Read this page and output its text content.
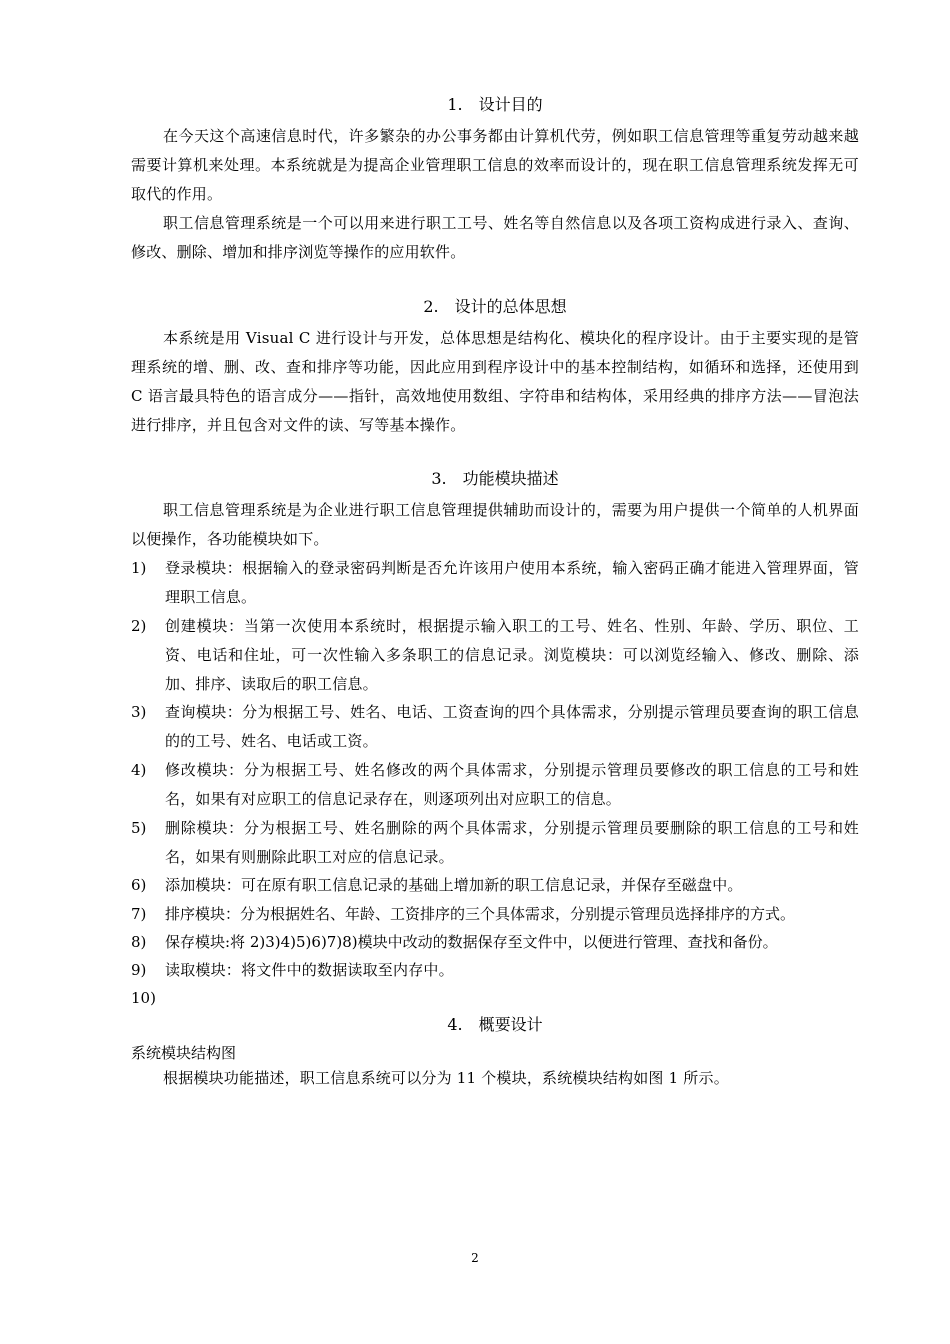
1. 设计目的
在今天这个高速信息时代，许多繁杂的办公事务都由计算机代劳，例如职工信息管理等重复劳动越来越需要计算机来处理。本系统就是为提高企业管理职工信息的效率而设计的，现在职工信息管理系统发挥无可取代的作用。
职工信息管理系统是一个可以用来进行职工工号、姓名等自然信息以及各项工资构成进行录入、查询、修改、删除、增加和排序浏览等操作的应用软件。
2. 设计的总体思想
本系统是用 Visual C 进行设计与开发，总体思想是结构化、模块化的程序设计。由于主要实现的是管理系统的增、删、改、查和排序等功能，因此应用到程序设计中的基本控制结构，如循环和选择，还使用到 C 语言最具特色的语言成分——指针，高效地使用数组、字符串和结构体，采用经典的排序方法——冒泡法进行排序，并且包含对文件的读、写等基本操作。
3. 功能模块描述
职工信息管理系统是为企业进行职工信息管理提供辅助而设计的，需要为用户提供一个简单的人机界面以便操作，各功能模块如下。
1)	登录模块：根据输入的登录密码判断是否允许该用户使用本系统，输入密码正确才能进入管理界面，管理职工信息。
2)	创建模块：当第一次使用本系统时，根据提示输入职工的工号、姓名、性别、年龄、学历、职位、工资、电话和住址，可一次性输入多条职工的信息记录。浏览模块：可以浏览经输入、修改、删除、添加、排序、读取后的职工信息。
3)	查询模块：分为根据工号、姓名、电话、工资查询的四个具体需求，分别提示管理员要查询的职工信息的的工号、姓名、电话或工资。
4)	修改模块：分为根据工号、姓名修改的两个具体需求，分别提示管理员要修改的职工信息的工号和姓名，如果有对应职工的信息记录存在，则逐项列出对应职工的信息。
5)	删除模块：分为根据工号、姓名删除的两个具体需求，分别提示管理员要删除的职工信息的工号和姓名，如果有则删除此职工对应的信息记录。
6)	添加模块：可在原有职工信息记录的基础上增加新的职工信息记录，并保存至磁盘中。
7)	排序模块：分为根据姓名、年龄、工资排序的三个具体需求，分别提示管理员选择排序的方式。
8)	保存模块:将 2)3)4)5)6)7)8)模块中改动的数据保存至文件中，以便进行管理、查找和备份。
9)	读取模块：将文件中的数据读取至内存中。
10)
4. 概要设计
系统模块结构图
根据模块功能描述，职工信息系统可以分为 11 个模块，系统模块结构如图 1 所示。
2
